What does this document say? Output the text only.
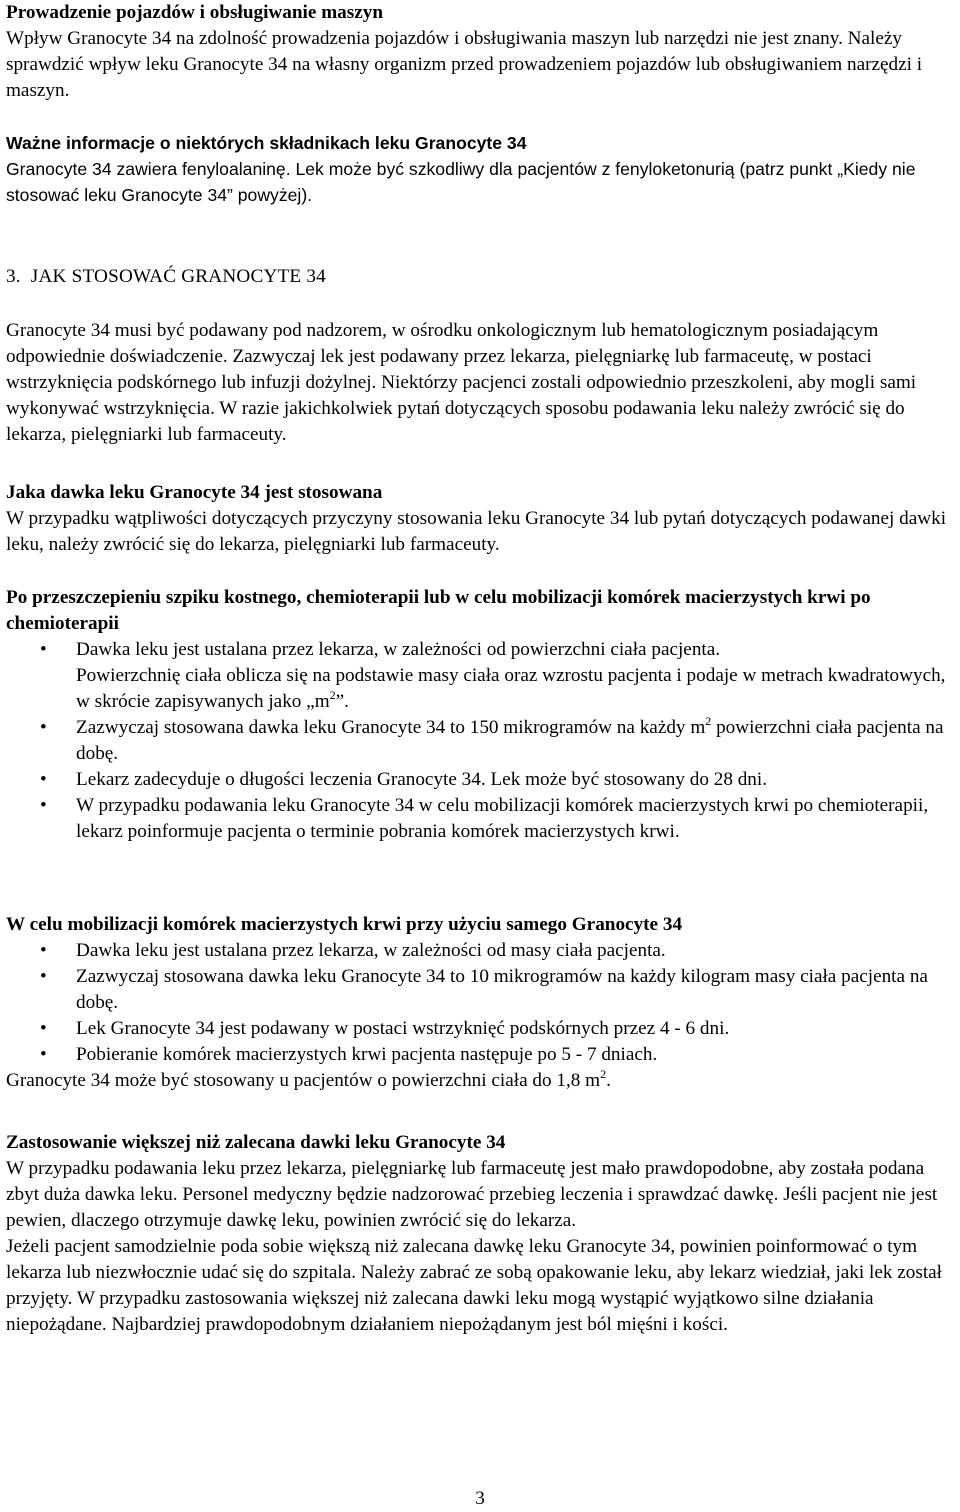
Prowadzenie pojazdów i obsługiwanie maszyn

Wpływ Granocyte 34 na zdolność prowadzenia pojazdów i obsługiwania maszyn lub narzędzi nie jest znany. Należy sprawdzić wpływ leku Granocyte 34 na własny organizm przed prowadzeniem pojazdów lub obsługiwaniem narzędzi i maszyn.

Ważne informacje o niektórych składnikach leku Granocyte 34

Granocyte 34 zawiera fenyloalaninę. Lek może być szkodliwy dla pacjentów z fenyloketonurią (patrz punkt „Kiedy nie stosować leku Granocyte 34” powyżej).

3. JAK STOSOWAĆ GRANOCYTE 34

Granocyte 34 musi być podawany pod nadzorem, w ośrodku onkologicznym lub hematologicznym posiadającym odpowiednie doświadczenie. Zazwyczaj lek jest podawany przez lekarza, pielęgniarkę lub farmaceutę, w postaci wstrzyknięcia podskórnego lub infuzji dożylnej. Niektórzy pacjenci zostali odpowiednio przeszkoleni, aby mogli sami wykonywać wstrzyknięcia. W razie jakichkolwiek pytań dotyczących sposobu podawania leku należy zwrócić się do lekarza, pielęgniarki lub farmaceuty.

Jaka dawka leku Granocyte 34 jest stosowana

W przypadku wątpliwości dotyczących przyczyny stosowania leku Granocyte 34 lub pytań dotyczących podawanej dawki leku, należy zwrócić się do lekarza, pielęgniarki lub farmaceuty.

Po przeszczepieniu szpiku kostnego, chemioterapii lub w celu mobilizacji komórek macierzystych krwi po chemioterapii

• Dawka leku jest ustalana przez lekarza, w zależności od powierzchni ciała pacjenta.
Powierzchnię ciała oblicza się na podstawie masy ciała oraz wzrostu pacjenta i podaje w metrach kwadratowych, w skrócie zapisywanych jako $„m^2$”.
• Zazwyczaj stosowana dawka leku Granocyte 34 to 150 mikrogramów na każdy $m^2$ powierzchni ciała pacjenta na dobę.
• Lekarz zadecyduje o długości leczenia Granocyte 34. Lek może być stosowany do 28 dni.
• W przypadku podawania leku Granocyte 34 w celu mobilizacji komórek macierzystych krwi po chemioterapii, lekarz poinformuje pacjenta o terminie pobrania komórek macierzystych krwi.

W celu mobilizacji komórek macierzystych krwi przy użyciu samego Granocyte 34

• Dawka leku jest ustalana przez lekarza, w zależności od masy ciała pacjenta.
• Zazwyczaj stosowana dawka leku Granocyte 34 to 10 mikrogramów na każdy kilogram masy ciała pacjenta na dobę.
• Lek Granocyte 34 jest podawany w postaci wstrzyknięć podskórnych przez 4 - 6 dni.
• Pobieranie komórek macierzystych krwi pacjenta następuje po 5 - 7 dniach.

Granocyte 34 może być stosowany u pacjentów o powierzchni ciała do 1,8 $m^2$.

Zastosowanie większej niż zalecana dawki leku Granocyte 34

W przypadku podawania leku przez lekarza, pielęgniarkę lub farmaceutę jest mało prawdopodobne, aby została podana zbyt duża dawka leku. Personel medyczny będzie nadzorować przebieg leczenia i sprawdzać dawkę. Jeśli pacjent nie jest pewien, dlaczego otrzymuje dawkę leku, powinien zwrócić się do lekarza.

Jeżeli pacjent samodzielnie poda sobie większą niż zalecana dawkę leku Granocyte 34, powinien poinformować o tym lekarza lub niezwłocznie udać się do szpitala. Należy zabrać ze sobą opakowanie leku, aby lekarz wiedział, jaki lek został przyjęty. W przypadku zastosowania większej niż zalecana dawki leku mogą wystąpić wyjątkowo silne działania niepożądane. Najbardziej prawdopodobnym działaniem niepożądanym jest ból mięśni i kości.

3
